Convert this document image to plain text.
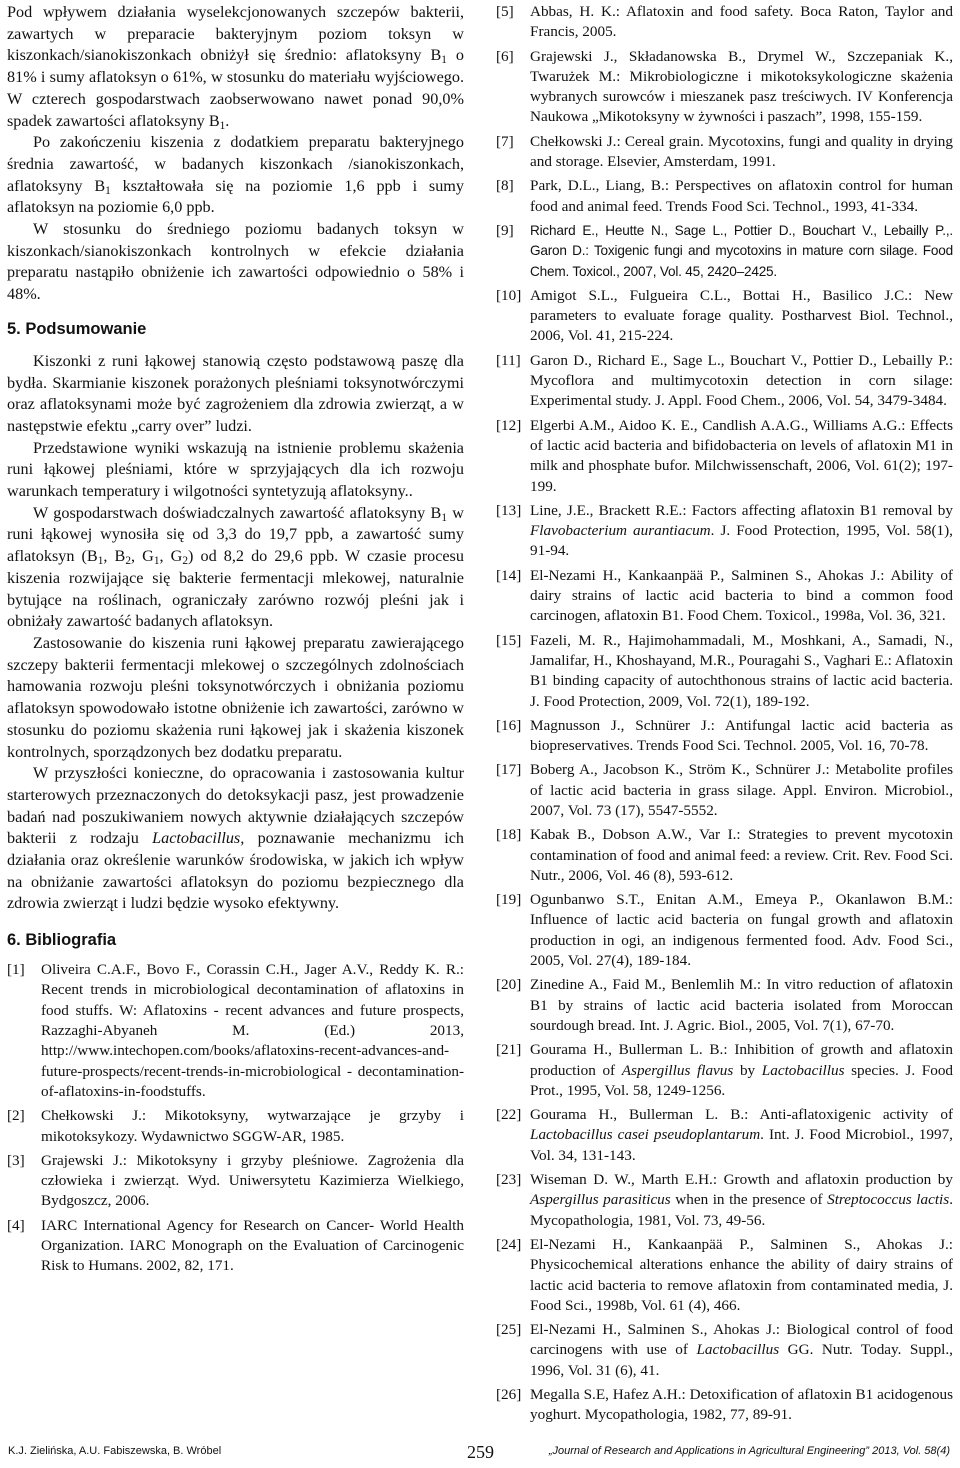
Pod wpływem działania wyselekcjonowanych szczepów bakterii, zawartych w preparacie bakteryjnym poziom toksyn w kiszonkach/sianokiszonkach obniżył się średnio: aflatoksyny $B_1$ o 81% i sumy aflatoksyn o 61%, w stosunku do materiału wyjściowego. W czterech gospodarstwach zaobserwowano nawet ponad 90,0% spadek zawartości aflatoksyny $B_1$.

Po zakończeniu kiszenia z dodatkiem preparatu bakteryjnego średnia zawartość, w badanych kiszonkach /sianokiszonkach, aflatoksyny $B_1$ kształtowała się na poziomie 1,6 ppb i sumy aflatoksyn na poziomie 6,0 ppb.

W stosunku do średniego poziomu badanych toksyn w kiszonkach/sianokiszonkach kontrolnych w efekcie działania preparatu nastąpiło obniżenie ich zawartości odpowiednio o 58% i 48%.

5. Podsumowanie

Kiszonki z runi łąkowej stanowią często podstawową paszę dla bydła. Skarmianie kiszonek porażonych pleśniami toksynotwórczymi oraz aflatoksynami może być zagrożeniem dla zdrowia zwierząt, a w następstwie efektu „carry over” ludzi.

Przedstawione wyniki wskazują na istnienie problemu skażenia runi łąkowej pleśniami, które w sprzyjających dla ich rozwoju warunkach temperatury i wilgotności syntetyzują aflatoksyny..

W gospodarstwach doświadczalnych zawartość aflatoksyny $B_1$ w runi łąkowej wynosiła się od 3,3 do 19,7 ppb, a zawartość sumy aflatoksyn ($B_1$, $B_2$, $G_1$, $G_2$) od 8,2 do 29,6 ppb. W czasie procesu kiszenia rozwijające się bakterie fermentacji mlekowej, naturalnie bytujące na roślinach, ograniczały zarówno rozwój pleśni jak i obniżały zawartość badanych aflatoksyn.

Zastosowanie do kiszenia runi łąkowej preparatu zawierającego szczepy bakterii fermentacji mlekowej o szczególnych zdolnościach hamowania rozwoju pleśni toksynotwórczych i obniżania poziomu aflatoksyn spowodowało istotne obniżenie ich zawartości, zarówno w stosunku do poziomu skażenia runi łąkowej jak i skażenia kiszonek kontrolnych, sporządzonych bez dodatku preparatu.

W przyszłości konieczne, do opracowania i zastosowania kultur starterowych przeznaczonych do detoksykacji pasz, jest prowadzenie badań nad poszukiwaniem nowych aktywnie działających szczepów bakterii z rodzaju Lactobacillus, poznawanie mechanizmu ich działania oraz określenie warunków środowiska, w jakich ich wpływ na obniżanie zawartości aflatoksyn do poziomu bezpiecznego dla zdrowia zwierząt i ludzi będzie wysoko efektywny.

6. Bibliografia
[1] Oliveira C.A.F., Bovo F., Corassin C.H., Jager A.V., Reddy K. R.: Recent trends in microbiological decontamination of aflatoxins in food stuffs. W: Aflatoxins - recent advances and future prospects, Razzaghi-Abyaneh M. (Ed.) 2013, http://www.intechopen.com/books/aflatoxins-recent-advances-and-future-prospects/recent-trends-in-microbiological - decontamination-of-aflatoxins-in-foodstuffs.
[2] Chełkowski J.: Mikotoksyny, wytwarzające je grzyby i mikotoksykozy. Wydawnictwo SGGW-AR, 1985.
[3] Grajewski J.: Mikotoksyny i grzyby pleśniowe. Zagrożenia dla człowieka i zwierząt. Wyd. Uniwersytetu Kazimierza Wielkiego, Bydgoszcz, 2006.
[4] IARC International Agency for Research on Cancer- World Health Organization. IARC Monograph on the Evaluation of Carcinogenic Risk to Humans. 2002, 82, 171.
[5] Abbas, H. K.: Aflatoxin and food safety. Boca Raton, Taylor and Francis, 2005.
[6] Grajewski J., Składanowska B., Drymel W., Szczepaniak K., Twarużek M.: Mikrobiologiczne i mikotoksykologiczne skażenia wybranych surowców i mieszanek pasz treściwych. IV Konferencja Naukowa „Mikotoksyny w żywności i paszach”, 1998, 155-159.
[7] Chełkowski J.: Cereal grain. Mycotoxins, fungi and quality in drying and storage. Elsevier, Amsterdam, 1991.
[8] Park, D.L., Liang, B.: Perspectives on aflatoxin control for human food and animal feed. Trends Food Sci. Technol., 1993, 41-334.
[9] Richard E., Heutte N., Sage L., Pottier D., Bouchart V., Lebailly P.,. Garon D.: Toxigenic fungi and mycotoxins in mature corn silage. Food Chem. Toxicol., 2007, Vol. 45, 2420–2425.
[10] Amigot S.L., Fulgueira C.L., Bottai H., Basilico J.C.: New parameters to evaluate forage quality. Postharvest Biol. Technol., 2006, Vol. 41, 215-224.
[11] Garon D., Richard E., Sage L., Bouchart V., Pottier D., Lebailly P.: Mycoflora and multimycotoxin detection in corn silage: Experimental study. J. Appl. Food Chem., 2006, Vol. 54, 3479-3484.
[12] Elgerbi A.M., Aidoo K. E., Candlish A.A.G., Williams A.G.: Effects of lactic acid bacteria and bifidobacteria on levels of aflatoxin M1 in milk and phosphate bufor. Milchwissenschaft, 2006, Vol. 61(2); 197-199.
[13] Line, J.E., Brackett R.E.: Factors affecting aflatoxin B1 removal by Flavobacterium aurantiacum. J. Food Protection, 1995, Vol. 58(1), 91-94.
[14] El-Nezami H., Kankaanpää P., Salminen S., Ahokas J.: Ability of dairy strains of lactic acid bacteria to bind a common food carcinogen, aflatoxin B1. Food Chem. Toxicol., 1998a, Vol. 36, 321.
[15] Fazeli, M. R., Hajimohammadali, M., Moshkani, A., Samadi, N., Jamalifar, H., Khoshayand, M.R., Pouragahi S., Vaghari E.: Aflatoxin B1 binding capacity of autochthonous strains of lactic acid bacteria. J. Food Protection, 2009, Vol. 72(1), 189-192.
[16] Magnusson J., Schnürer J.: Antifungal lactic acid bacteria as biopreservatives. Trends Food Sci. Technol. 2005, Vol. 16, 70-78.
[17] Boberg A., Jacobson K., Ström K., Schnürer J.: Metabolite profiles of lactic acid bacteria in grass silage. Appl. Environ. Microbiol., 2007, Vol. 73 (17), 5547-5552.
[18] Kabak B., Dobson A.W., Var I.: Strategies to prevent mycotoxin contamination of food and animal feed: a review. Crit. Rev. Food Sci. Nutr., 2006, Vol. 46 (8), 593-612.
[19] Ogunbanwo S.T., Enitan A.M., Emeya P., Okanlawon B.M.: Influence of lactic acid bacteria on fungal growth and aflatoxin production in ogi, an indigenous fermented food. Adv. Food Sci., 2005, Vol. 27(4), 189-184.
[20] Zinedine A., Faid M., Benlemlih M.: In vitro reduction of aflatoxin B1 by strains of lactic acid bacteria isolated from Moroccan sourdough bread. Int. J. Agric. Biol., 2005, Vol. 7(1), 67-70.
[21] Gourama H., Bullerman L. B.: Inhibition of growth and aflatoxin production of Aspergillus flavus by Lactobacillus species. J. Food Prot., 1995, Vol. 58, 1249-1256.
[22] Gourama H., Bullerman L. B.: Anti-aflatoxigenic activity of Lactobacillus casei pseudoplantarum. Int. J. Food Microbiol., 1997, Vol. 34, 131-143.
[23] Wiseman D. W., Marth E.H.: Growth and aflatoxin production by Aspergillus parasiticus when in the presence of Streptococcus lactis. Mycopathologia, 1981, Vol. 73, 49-56.
[24] El-Nezami H., Kankaanpää P., Salminen S., Ahokas J.: Physicochemical alterations enhance the ability of dairy strains of lactic acid bacteria to remove aflatoxin from contaminated media, J. Food Sci., 1998b, Vol. 61 (4), 466.
[25] El-Nezami H., Salminen S., Ahokas J.: Biological control of food carcinogens with use of Lactobacillus GG. Nutr. Today. Suppl., 1996, Vol. 31 (6), 41.
[26] Megalla S.E, Hafez A.H.: Detoxification of aflatoxin B1 acidogenous yoghurt. Mycopathologia, 1982, 77, 89-91.
K.J. Zielińska, A.U. Fabiszewska, B. Wróbel	259	„Journal of Research and Applications in Agricultural Engineering” 2013, Vol. 58(4)
